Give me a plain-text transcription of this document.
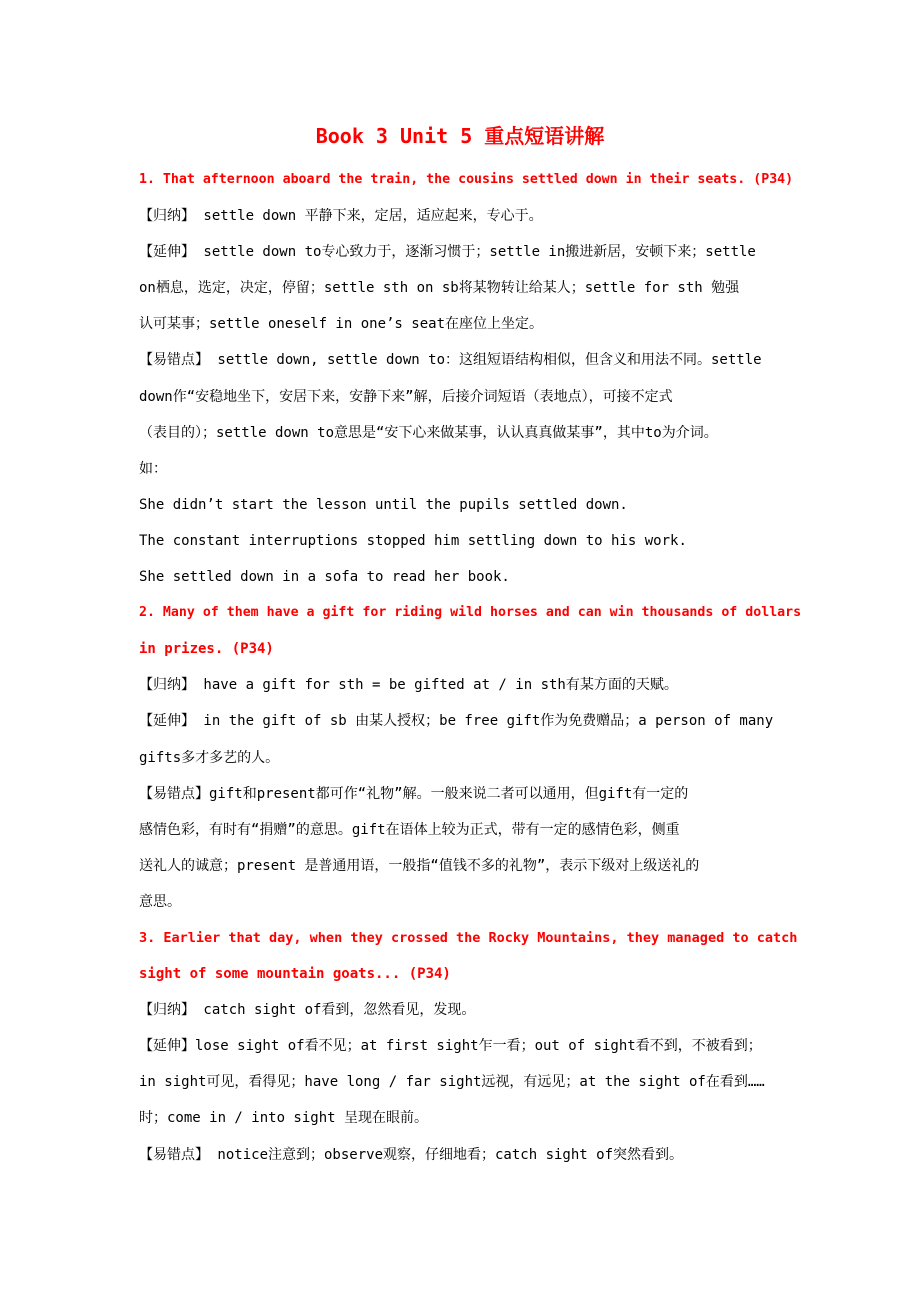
Book 3 Unit 5 重点短语讲解
1. That afternoon aboard the train, the cousins settled down in their seats. (P34)
【归纳】 settle down 平静下来，定居，适应起来，专心于。
【延伸】 settle down to专心致力于，逐渐习惯于；settle in搬进新居，安顿下来；settle
on栖息，选定，决定，停留；settle sth on sb将某物转让给某人；settle for sth 勉强
认可某事；settle oneself in one’s seat在座位上坐定。
【易错点】 settle down, settle down to：这组短语结构相似，但含义和用法不同。settle
down作“安稳地坐下，安居下来，安静下来”解，后接介词短语（表地点），可接不定式
（表目的）；settle down to意思是“安下心来做某事，认认真真做某事”，其中to为介词。
如：
She didn’t start the lesson until the pupils settled down.
The constant interruptions stopped him settling down to his work.
She settled down in a sofa to read her book.
2. Many of them have a gift for riding wild horses and can win thousands of dollars
in prizes. (P34)
【归纳】 have a gift for sth = be gifted at / in sth有某方面的天赋。
【延伸】 in the gift of sb 由某人授权；be free gift作为免费赠品；a person of many
gifts多才多艺的人。
【易错点】gift和present都可作“礼物”解。一般来说二者可以通用，但gift有一定的
感情色彩，有时有“捐赠”的意思。gift在语体上较为正式，带有一定的感情色彩，侧重
送礼人的诚意；present 是普通用语，一般指“值钱不多的礼物”，表示下级对上级送礼的
意思。
3. Earlier that day, when they crossed the Rocky Mountains, they managed to catch
sight of some mountain goats... (P34)
【归纳】 catch sight of看到，忽然看见，发现。
【延伸】lose sight of看不见；at first sight乍一看；out of sight看不到，不被看到；
in sight可见，看得见；have long / far sight远视，有远见；at the sight of在看到……
时；come in / into sight 呈现在眼前。
【易错点】 notice注意到；observe观察，仔细地看；catch sight of突然看到。
